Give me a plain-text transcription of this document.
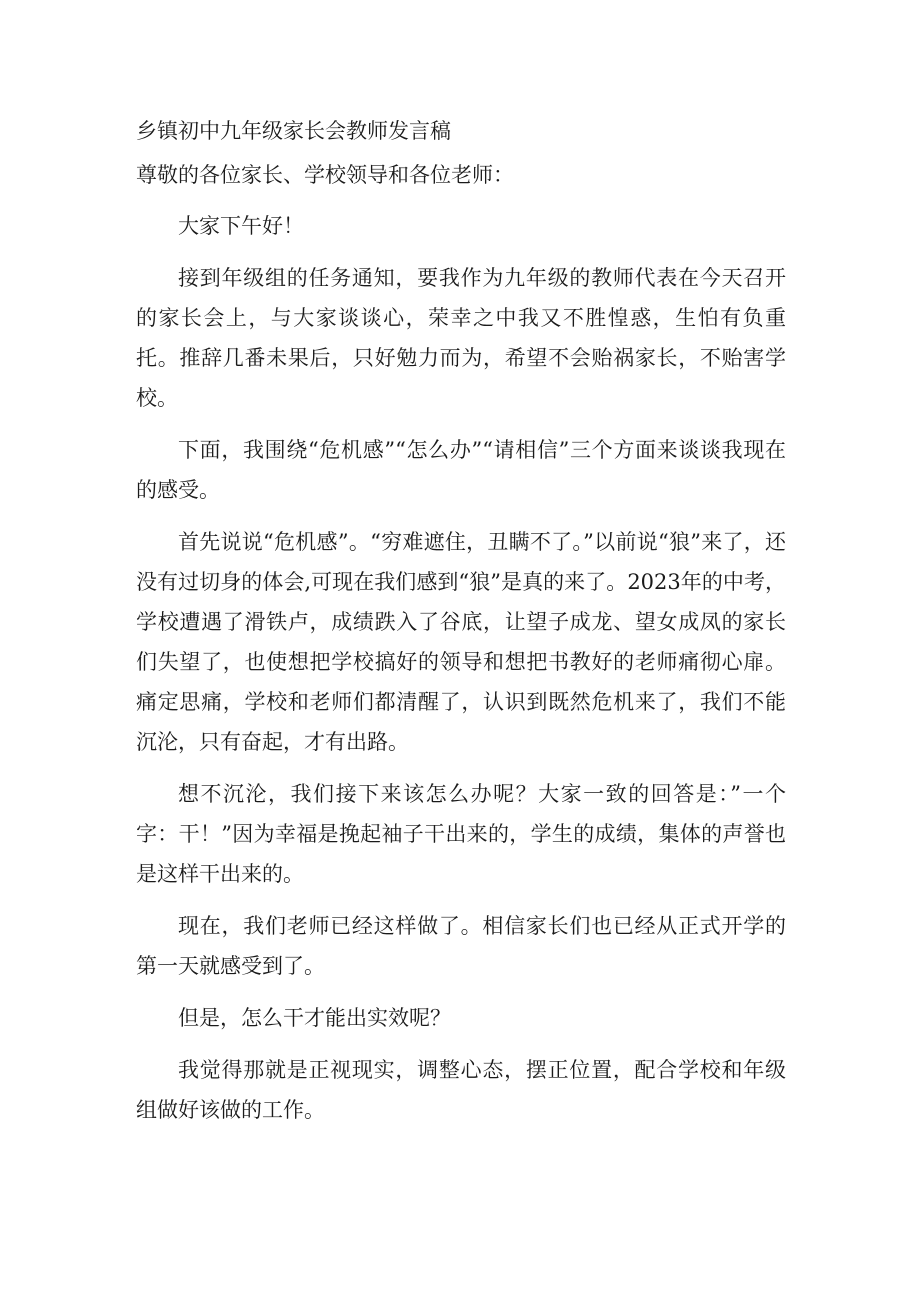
乡镇初中九年级家长会教师发言稿
尊敬的各位家长、学校领导和各位老师：

大家下午好！

接到年级组的任务通知，要我作为九年级的教师代表在今天召开的家长会上，与大家谈谈心，荣幸之中我又不胜惶惑，生怕有负重托。推辞几番未果后，只好勉力而为，希望不会贻祸家长，不贻害学校。

下面，我围绕“危机感”“怎么办”“请相信”三个方面来谈谈我现在的感受。

首先说说“危机感”。“穷难遮住，丑瞒不了。”以前说“狼”来了，还没有过切身的体会,可现在我们感到“狼”是真的来了。2023年的中考，学校遭遇了滑铁卢，成绩跌入了谷底，让望子成龙、望女成凤的家长们失望了，也使想把学校搞好的领导和想把书教好的老师痛彻心扉。痛定思痛，学校和老师们都清醒了，认识到既然危机来了，我们不能沉沦，只有奋起，才有出路。

想不沉沦，我们接下来该怎么办呢？大家一致的回答是：”一个字：干！”因为幸福是挽起袖子干出来的，学生的成绩，集体的声誉也是这样干出来的。

现在，我们老师已经这样做了。相信家长们也已经从正式开学的第一天就感受到了。

但是，怎么干才能出实效呢？

我觉得那就是正视现实，调整心态，摆正位置，配合学校和年级组做好该做的工作。
